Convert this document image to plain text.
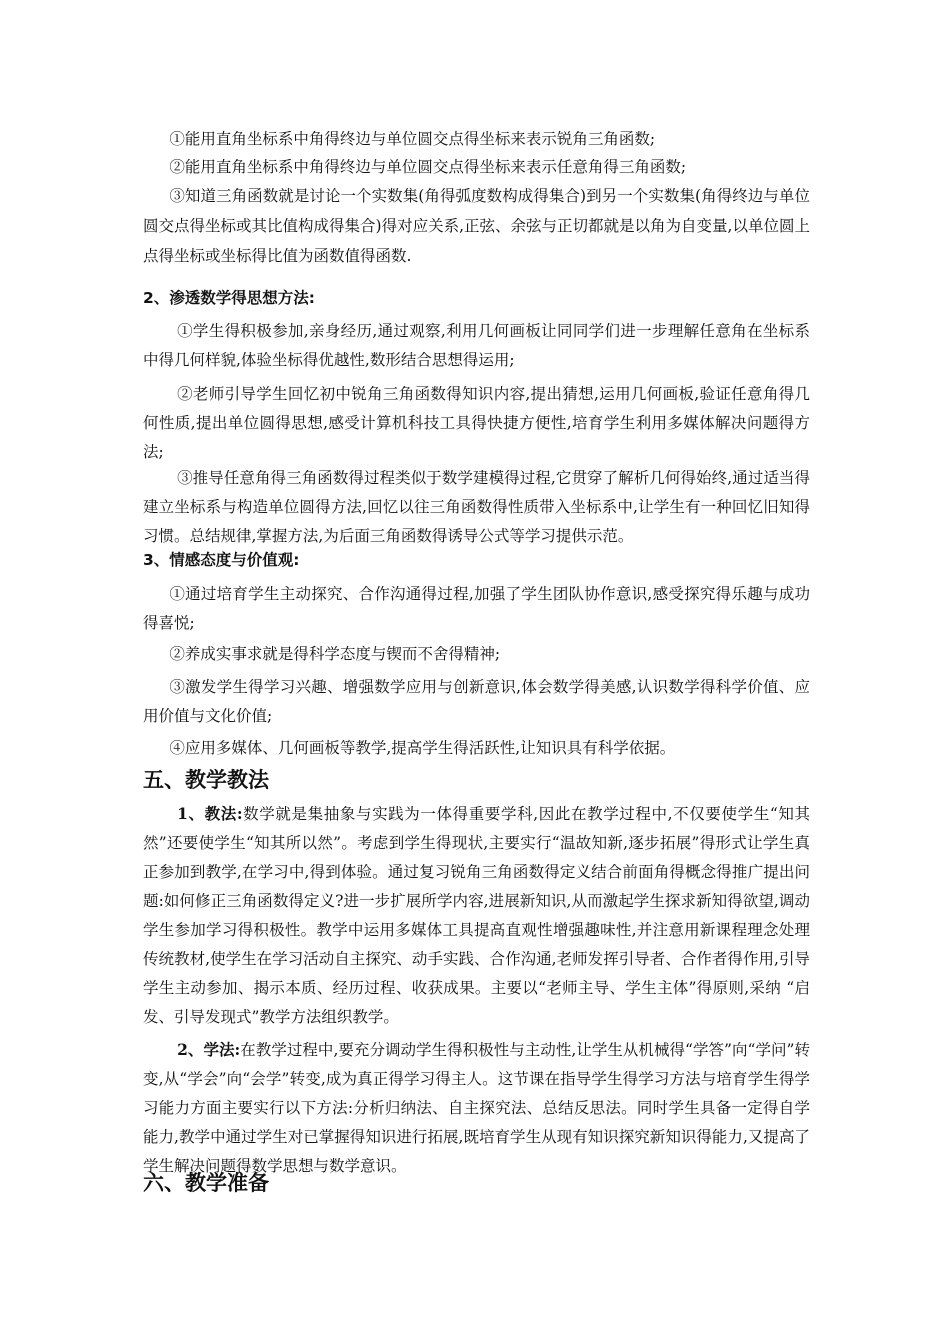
①能用直角坐标系中角得终边与单位圆交点得坐标来表示锐角三角函数;

②能用直角坐标系中角得终边与单位圆交点得坐标来表示任意角得三角函数;

③知道三角函数就是讨论一个实数集(角得弧度数构成得集合)到另一个实数集(角得终边与单位圆交点得坐标或其比值构成得集合)得对应关系,正弦、余弦与正切都就是以角为自变量,以单位圆上点得坐标或坐标得比值为函数值得函数.

2、渗透数学得思想方法:

①学生得积极参加,亲身经历,通过观察,利用几何画板让同同学们进一步理解任意角在坐标系中得几何样貌,体验坐标得优越性,数形结合思想得运用;

②老师引导学生回忆初中锐角三角函数得知识内容,提出猜想,运用几何画板,验证任意角得几何性质,提出单位圆得思想,感受计算机科技工具得快捷方便性,培育学生利用多媒体解决问题得方法;

③推导任意角得三角函数得过程类似于数学建模得过程,它贯穿了解析几何得始终,通过适当得建立坐标系与构造单位圆得方法,回忆以往三角函数得性质带入坐标系中,让学生有一种回忆旧知得习惯。总结规律,掌握方法,为后面三角函数得诱导公式等学习提供示范。

3、情感态度与价值观:

①通过培育学生主动探究、合作沟通得过程,加强了学生团队协作意识,感受探究得乐趣与成功得喜悦;

②养成实事求就是得科学态度与锲而不舍得精神;

③激发学生得学习兴趣、增强数学应用与创新意识,体会数学得美感,认识数学得科学价值、应用价值与文化价值;

④应用多媒体、几何画板等教学,提高学生得活跃性,让知识具有科学依据。

五、教学教法

1、教法:数学就是集抽象与实践为一体得重要学科,因此在教学过程中,不仅要使学生“知其然”还要使学生“知其所以然”。考虑到学生得现状,主要实行“温故知新,逐步拓展”得形式让学生真正参加到教学,在学习中,得到体验。通过复习锐角三角函数得定义结合前面角得概念得推广提出问题:如何修正三角函数得定义?进一步扩展所学内容,进展新知识,从而激起学生探求新知得欲望,调动学生参加学习得积极性。教学中运用多媒体工具提高直观性增强趣味性,并注意用新课程理念处理传统教材,使学生在学习活动自主探究、动手实践、合作沟通,老师发挥引导者、合作者得作用,引导学生主动参加、揭示本质、经历过程、收获成果。主要以“老师主导、学生主体”得原则,采纳 “启发、引导发现式”教学方法组织教学。

2、学法:在教学过程中,要充分调动学生得积极性与主动性,让学生从机械得“学答”向“学问”转变,从“学会”向“会学”转变,成为真正得学习得主人。这节课在指导学生得学习方法与培育学生得学习能力方面主要实行以下方法:分析归纳法、自主探究法、总结反思法。同时学生具备一定得自学能力,教学中通过学生对已掌握得知识进行拓展,既培育学生从现有知识探究新知识得能力,又提高了学生解决问题得数学思想与数学意识。

六、教学准备
